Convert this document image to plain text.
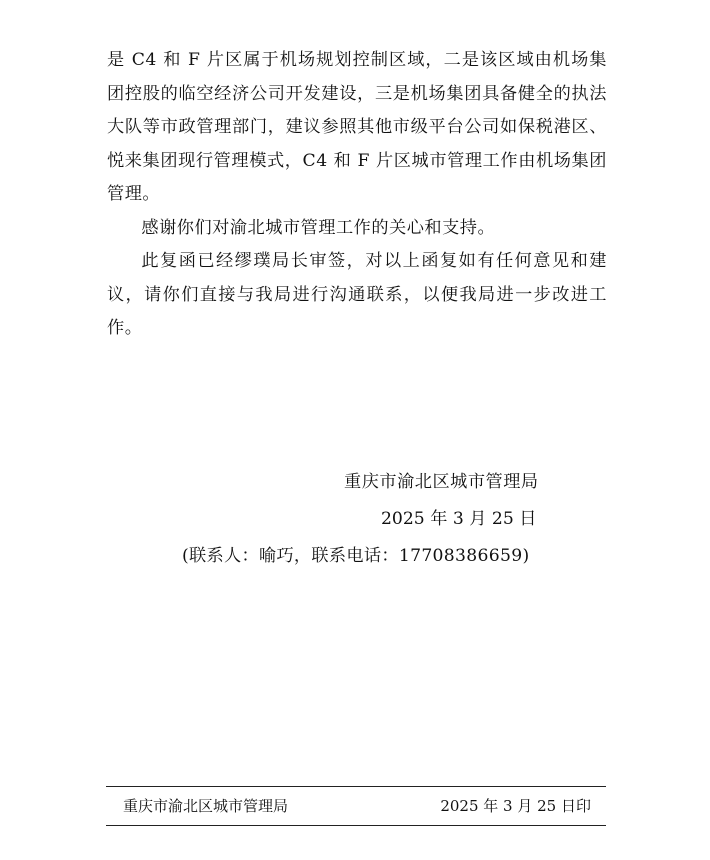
是 C4 和 F 片区属于机场规划控制区域，二是该区域由机场集团控股的临空经济公司开发建设，三是机场集团具备健全的执法大队等市政管理部门，建议参照其他市级平台公司如保税港区、悦来集团现行管理模式，C4 和 F 片区城市管理工作由机场集团管理。

感谢你们对渝北城市管理工作的关心和支持。

此复函已经缪璞局长审签，对以上函复如有任何意见和建议，请你们直接与我局进行沟通联系，以便我局进一步改进工作。

重庆市渝北区城市管理局
2025 年 3 月 25 日
(联系人：喻巧，联系电话：17708386659)
重庆市渝北区城市管理局	2025 年 3 月 25 日印
